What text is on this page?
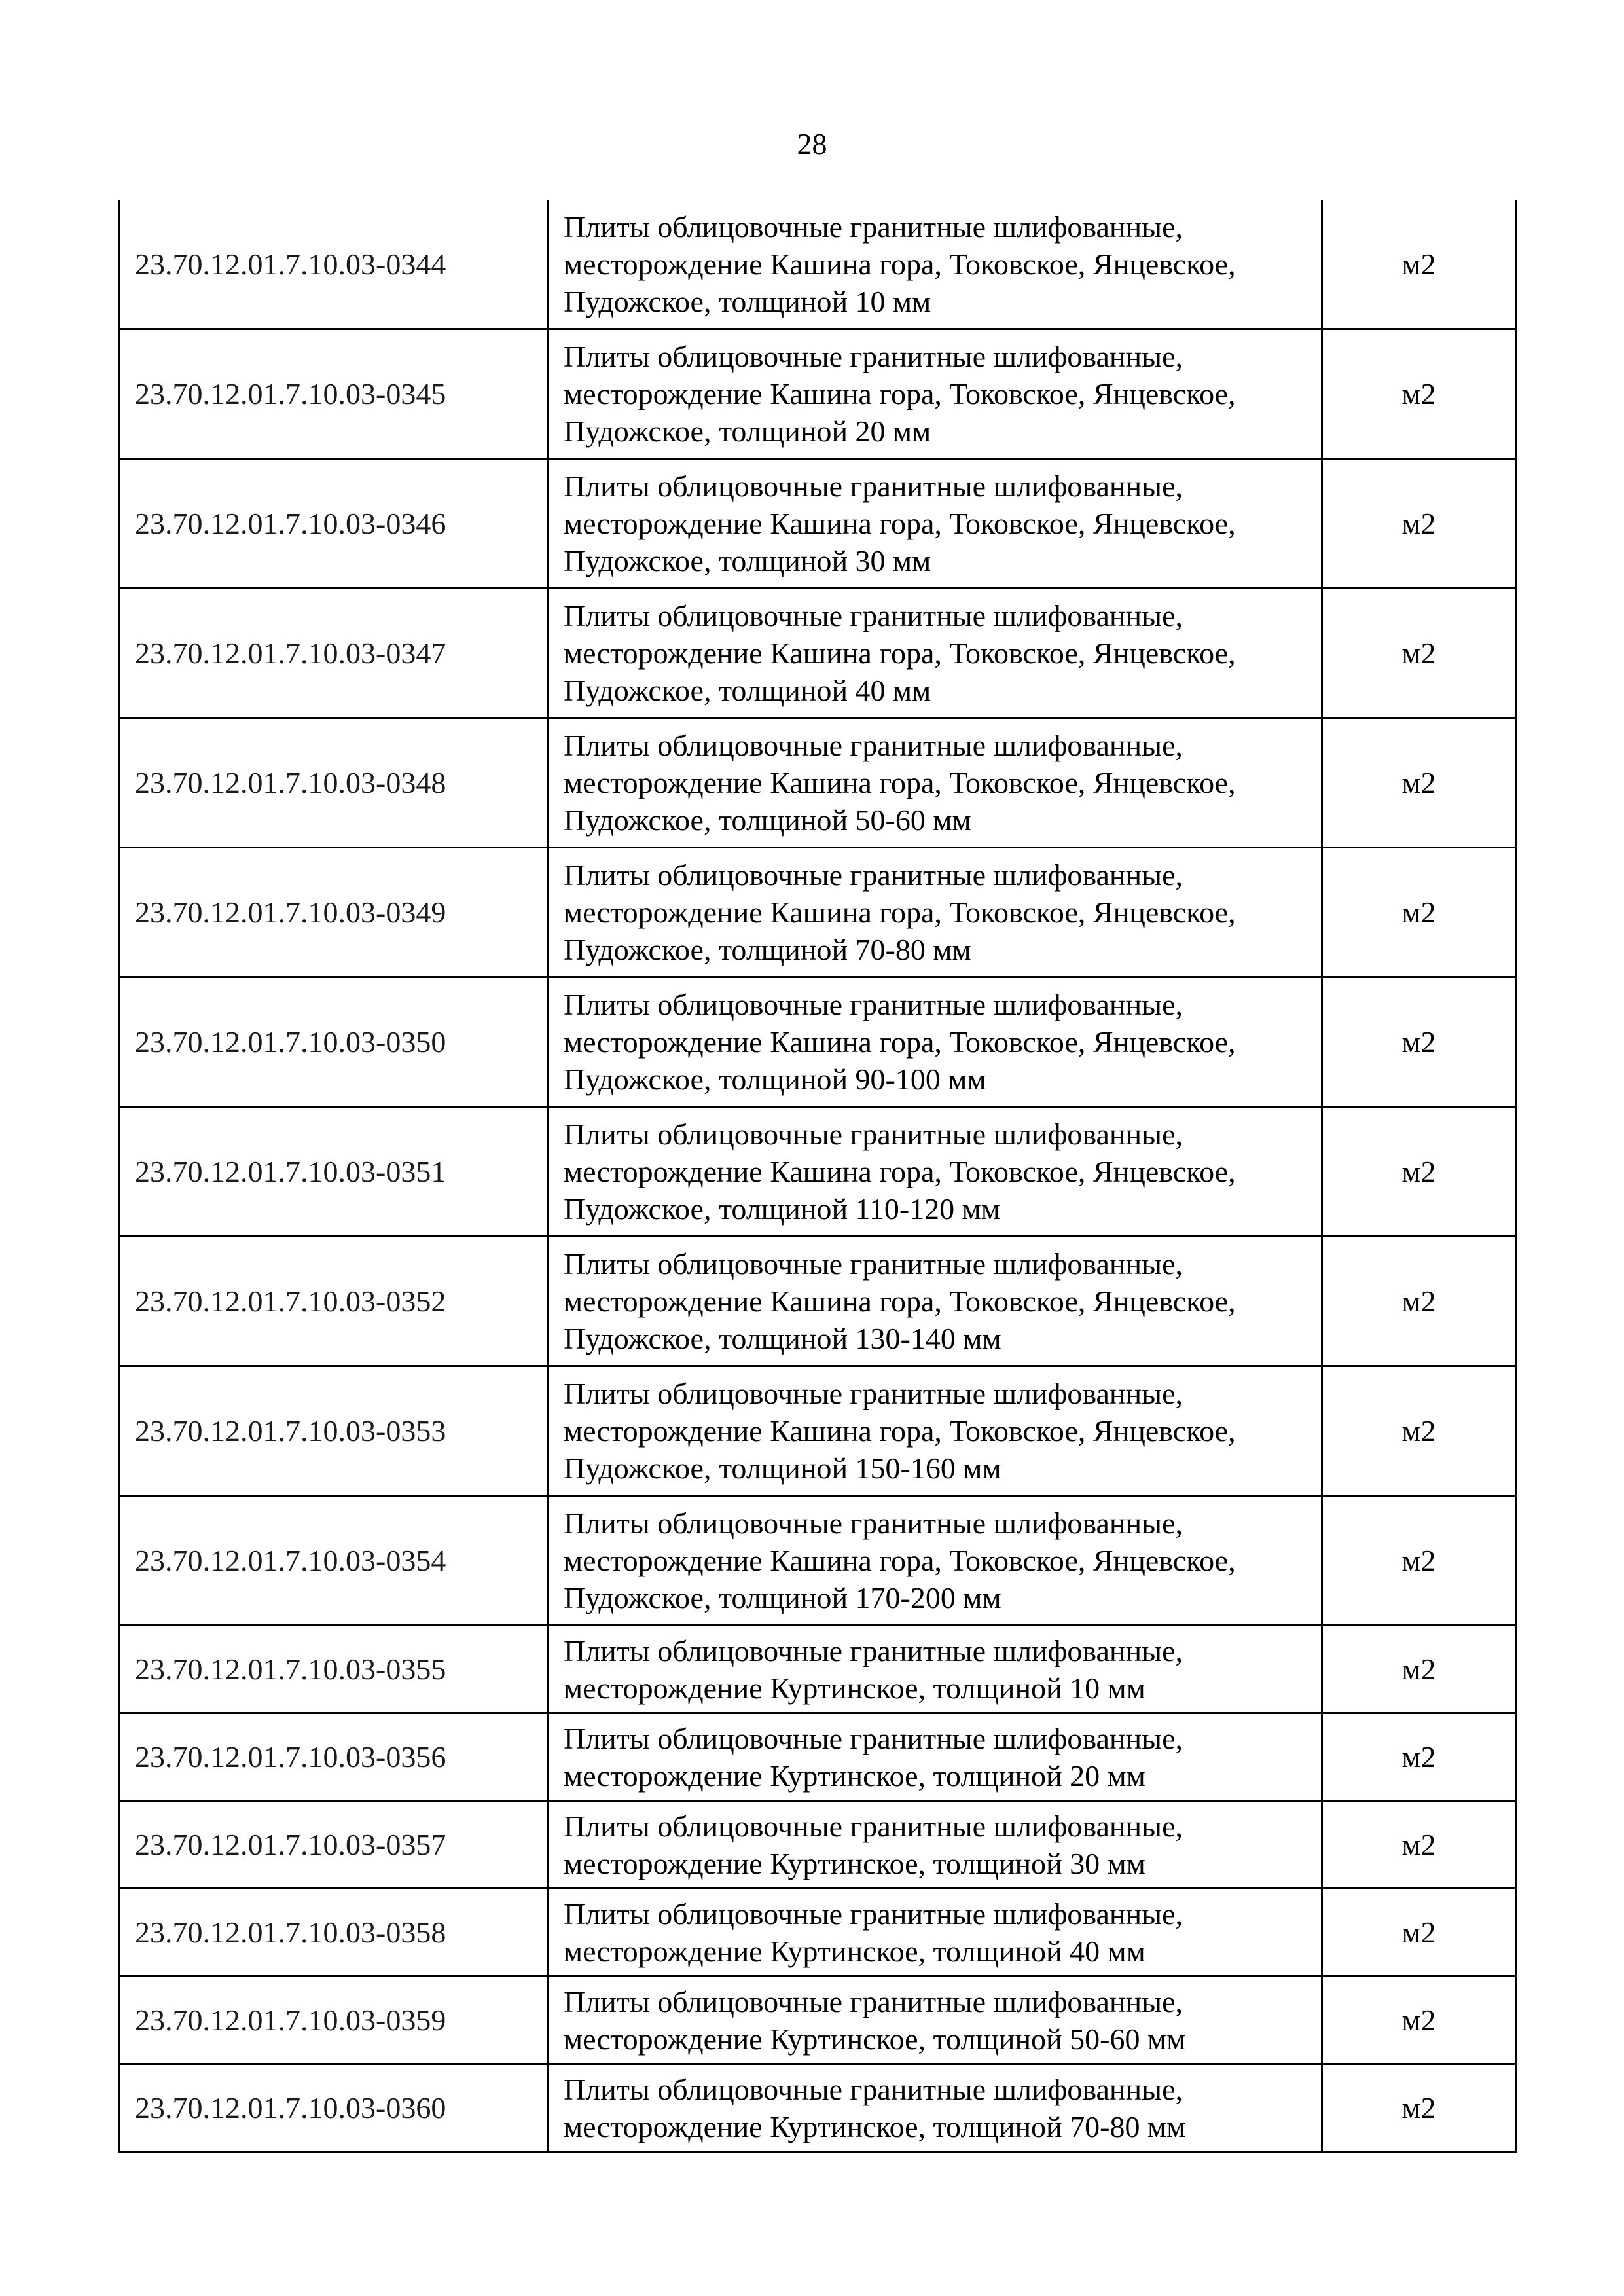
28
23.70.12.01.7.10.03-0344	Плиты облицовочные гранитные шлифованные,
месторождение Кашина гора, Токовское, Янцевское,
Пудожское, толщиной 10 мм	м2
23.70.12.01.7.10.03-0345	Плиты облицовочные гранитные шлифованные,
месторождение Кашина гора, Токовское, Янцевское,
Пудожское, толщиной 20 мм	м2
23.70.12.01.7.10.03-0346	Плиты облицовочные гранитные шлифованные,
месторождение Кашина гора, Токовское, Янцевское,
Пудожское, толщиной 30 мм	м2
23.70.12.01.7.10.03-0347	Плиты облицовочные гранитные шлифованные,
месторождение Кашина гора, Токовское, Янцевское,
Пудожское, толщиной 40 мм	м2
23.70.12.01.7.10.03-0348	Плиты облицовочные гранитные шлифованные,
месторождение Кашина гора, Токовское, Янцевское,
Пудожское, толщиной 50-60 мм	м2
23.70.12.01.7.10.03-0349	Плиты облицовочные гранитные шлифованные,
месторождение Кашина гора, Токовское, Янцевское,
Пудожское, толщиной 70-80 мм	м2
23.70.12.01.7.10.03-0350	Плиты облицовочные гранитные шлифованные,
месторождение Кашина гора, Токовское, Янцевское,
Пудожское, толщиной 90-100 мм	м2
23.70.12.01.7.10.03-0351	Плиты облицовочные гранитные шлифованные,
месторождение Кашина гора, Токовское, Янцевское,
Пудожское, толщиной 110-120 мм	м2
23.70.12.01.7.10.03-0352	Плиты облицовочные гранитные шлифованные,
месторождение Кашина гора, Токовское, Янцевское,
Пудожское, толщиной 130-140 мм	м2
23.70.12.01.7.10.03-0353	Плиты облицовочные гранитные шлифованные,
месторождение Кашина гора, Токовское, Янцевское,
Пудожское, толщиной 150-160 мм	м2
23.70.12.01.7.10.03-0354	Плиты облицовочные гранитные шлифованные,
месторождение Кашина гора, Токовское, Янцевское,
Пудожское, толщиной 170-200 мм	м2
23.70.12.01.7.10.03-0355	Плиты облицовочные гранитные шлифованные,
месторождение Куртинское, толщиной 10 мм	м2
23.70.12.01.7.10.03-0356	Плиты облицовочные гранитные шлифованные,
месторождение Куртинское, толщиной 20 мм	м2
23.70.12.01.7.10.03-0357	Плиты облицовочные гранитные шлифованные,
месторождение Куртинское, толщиной 30 мм	м2
23.70.12.01.7.10.03-0358	Плиты облицовочные гранитные шлифованные,
месторождение Куртинское, толщиной 40 мм	м2
23.70.12.01.7.10.03-0359	Плиты облицовочные гранитные шлифованные,
месторождение Куртинское, толщиной 50-60 мм	м2
23.70.12.01.7.10.03-0360	Плиты облицовочные гранитные шлифованные,
месторождение Куртинское, толщиной 70-80 мм	м2
